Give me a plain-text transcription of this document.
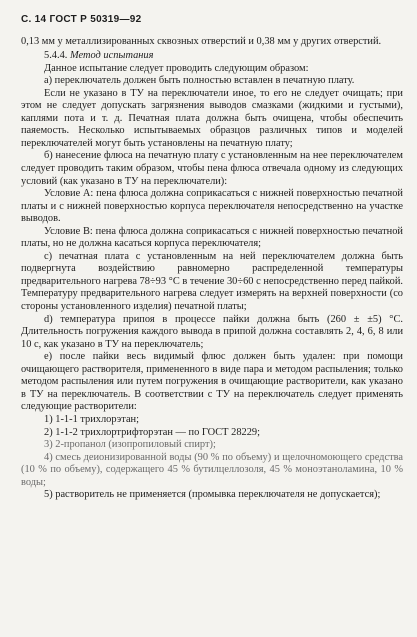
С. 14 ГОСТ Р 50319—92

0,13 мм у металлизированных сквозных отверстий и 0,38 мм у других отверстий.

5.4.4. Метод испытания

Данное испытание следует проводить следующим образом:

а) переключатель должен быть полностью вставлен в печатную плату.

Если не указано в ТУ на переключатели иное, то его не следует очищать; при этом не следует допускать загрязнения выводов смазками (жидкими и густыми), каплями пота и т. д. Печатная плата должна быть очищена, чтобы обеспечить паяемость. Несколько испытываемых образцов различных типов и моделей переключателей могут быть установлены на печатную плату;

б) нанесение флюса на печатную плату с установленным на нее переключателем следует проводить таким образом, чтобы пена флюса отвечала одному из следующих условий (как указано в ТУ на переключатели):

Условие А: пена флюса должна соприкасаться с нижней поверхностью печатной платы и с нижней поверхностью корпуса переключателя непосредственно на участке выводов.

Условие В: пена флюса должна соприкасаться с нижней поверхностью печатной платы, но не должна касаться корпуса переключателя;

с) печатная плата с установленным на ней переключателем должна быть подвергнута воздействию равномерно распределенной температуры предварительного нагрева 78÷93 °С в течение 30÷60 с непосредственно перед пайкой. Температуру предварительного нагрева следует измерять на верхней поверхности (со стороны установленного изделия) печатной платы;

d) температура припоя в процессе пайки должна быть (260 ± ±5) °С. Длительность погружения каждого вывода в припой должна составлять 2, 4, 6, 8 или 10 с, как указано в ТУ на переключатель;

е) после пайки весь видимый флюс должен быть удален: при помощи очищающего растворителя, примененного в виде пара и методом распыления; только методом распыления или путем погружения в очищающие растворители, как указано в ТУ на переключатель. В соответствии с ТУ на переключатель следует применять следующие растворители:

1) 1-1-1 трихлорэтан;

2) 1-1-2 трихлортрифторэтан — по ГОСТ 28229;

3) 2-пропанол (изопропиловый спирт);

4) смесь деионизированной воды (90 % по объему) и щелочномоющего средства (10 % по объему), содержащего 45 % бутилцеллозоля, 45 % моноэтаноламина, 10 % воды;

5) растворитель не применяется (промывка переключателя не допускается);
